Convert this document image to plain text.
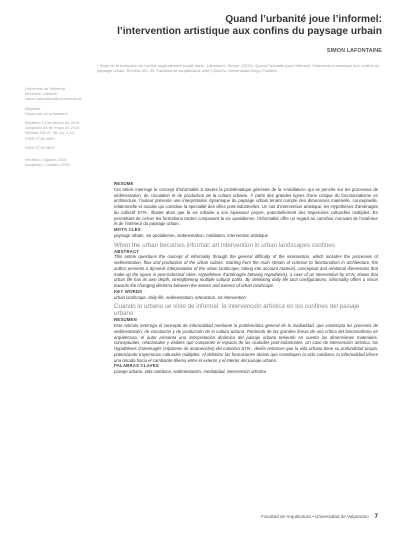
Quand l’urbanité joue l’informel:
l’intervention artistique aux confins du paysage urbain
SIMON LAFONTAINE
* Texte de la traduction de l’article originalement publié dans : Lafontaine, Simon. (2015). Quand l’urbanité joue l’informel: l’intervention artistique aux confins du paysage urbain. Revista 180, 35. Facultad de Arquitectura, Arte y Diseño, Universidad Diego Portales.
Université de Montréal
Montréal, Canada
simon.lafontaine@umontreal.ca
Magíster
Doctorant en urbanisme
Recibido 13 de marzo de 2015
Aceptado 08 de mayo de 2015
Revista 180 N° 36, pp. 1-12
ISSN 0718-2309
ISSN 0718-669X
Recibido • Agosto 2015
Aceptado • Octubre 2015
RESUME

Cet article interroge le concept d’informalité à travers la problématique générale de la «médiation» qui se penche sur les processus de sédimentation, de circulation et de production de la culture urbaine. À partir des grandes lignes d’une critique du fonctionnalisme en architecture, l’auteur présente une interprétation dynamique du paysage urbain tenant compte des dimensions matérielle, conceptuelle, relationnelle et sociale qui constitue la spécialité des villes post-industrielles. Un cas d’intervention artistique, les Hypothèses d’aménagés du collectif SYN-, illustre alors que la vie urbaine a son épaisseur propre, potentiellement des trajectoires culturelles multiples. En permettant de cerner les formations tacites composant la vie quotidienne, l’informalité offre un regard au carrefour mouvant de l’extérieur et de l’intérieur du paysage urbain.

MOTS CLES

paysage urbain, vie quotidienne, sédimentation, médiation, intervention artistique

When the urban becomes informal: art intervention in urban landscapes confines
ABSTRACT

This article questions the concept of informality through the general difficulty of the intersection, which includes the processes of sedimentation, flow and production of the urban culture. Starting from the main stream of criticism to functionalism in architecture, the author presents a dynamic interpretation of the urban landscape, taking into account material, conceptual and relational dimensions that make up the space in post-industrial cities. Hypothèses d’aménagés (Moving Hypothesis), a case of art intervention by SYN, shows that urban life has its own depth, strengthening multiple cultural paths. By delimiting daily life tacit configurations, informality offers a vision towards the changing dilemma between the interior and exterior of urban landscape.

KEY WORDS

urban landscape, daily life, sedimentation, interaction, art intervention

Cuando lo urbano se viste de informal: la intervención artística en los confines del paisaje urbano
RESUMEN

Este artículo interroga el concepto de informalidad mediante la problemática general de la mediatidad, que contempla los procesos de sedimentación, de circulación y de producción de la cultura urbana. Partiendo de las grandes líneas de una crítica del funcionalismo en arquitectura, el autor presenta una interpretación dinámica del paisaje urbano teniendo en cuenta las dimensiones materiales, conceptuales, relacionales y visibles que componen el espacio de las ciudades post-industriales. Un caso de intervención artística, las Hypothèses d’aménagés (Hipótesis de amanecidas) del colectivo SYN-, deslía entonces que la vida urbana tiene su profundidad propia, potenciando trayectorias culturales múltiples. Al delimitar las formaciones tácitas que constituyen la vida cotidiana, la informalidad ofrece una mirada hacia el cambiante dilema entre el exterior y el interior del paisaje urbano.

PALABRAS CLAVES

paisaje urbano, vida cotidiana, sedimentación, mediatidad, intervención artística

Facultad de Arquitectura • Universidad de Valparaíso 7
